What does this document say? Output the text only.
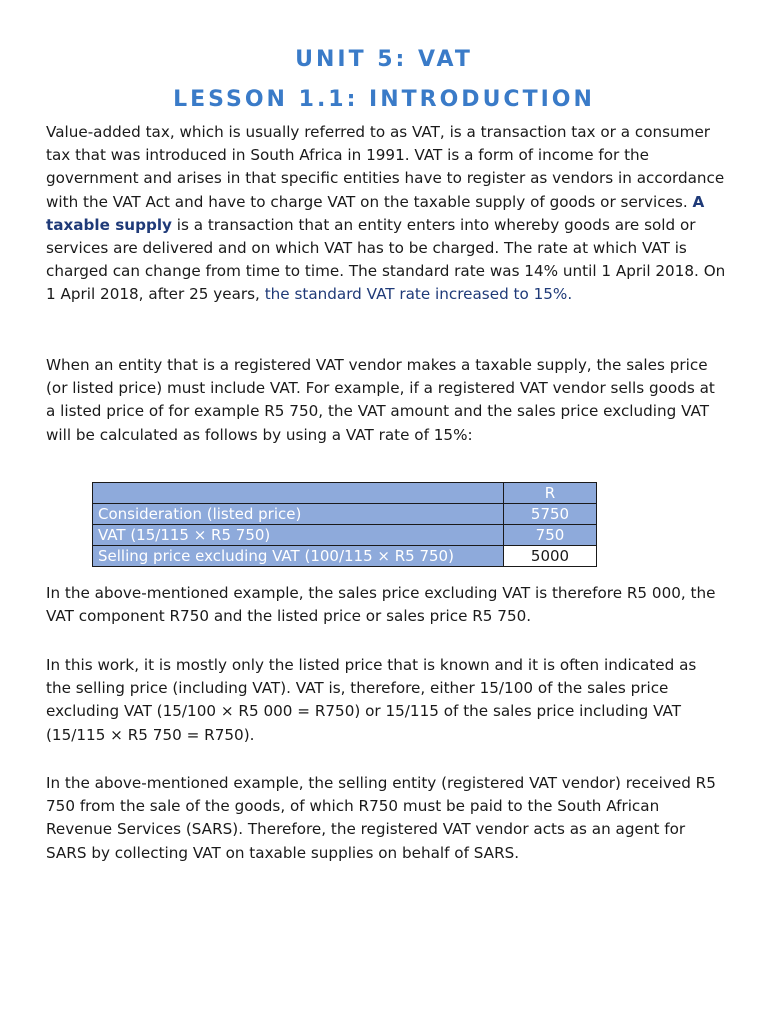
UNIT 5: VAT
LESSON 1.1: INTRODUCTION

Value-added tax, which is usually referred to as VAT, is a transaction tax or a consumer tax that was introduced in South Africa in 1991. VAT is a form of income for the government and arises in that specific entities have to register as vendors in accordance with the VAT Act and have to charge VAT on the taxable supply of goods or services. A taxable supply is a transaction that an entity enters into whereby goods are sold or services are delivered and on which VAT has to be charged. The rate at which VAT is charged can change from time to time. The standard rate was 14% until 1 April 2018. On 1 April 2018, after 25 years, the standard VAT rate increased to 15%.

When an entity that is a registered VAT vendor makes a taxable supply, the sales price (or listed price) must include VAT. For example, if a registered VAT vendor sells goods at a listed price of for example R5 750, the VAT amount and the sales price excluding VAT will be calculated as follows by using a VAT rate of 15%:

	R
Consideration (listed price)	5750
VAT (15/115 × R5 750)	750
Selling price excluding VAT (100/115 × R5 750)	5000

In the above-mentioned example, the sales price excluding VAT is therefore R5 000, the VAT component R750 and the listed price or sales price R5 750.

In this work, it is mostly only the listed price that is known and it is often indicated as the selling price (including VAT). VAT is, therefore, either 15/100 of the sales price excluding VAT (15/100 × R5 000 = R750) or 15/115 of the sales price including VAT (15/115 × R5 750 = R750).

In the above-mentioned example, the selling entity (registered VAT vendor) received R5 750 from the sale of the goods, of which R750 must be paid to the South African Revenue Services (SARS). Therefore, the registered VAT vendor acts as an agent for SARS by collecting VAT on taxable supplies on behalf of SARS.
